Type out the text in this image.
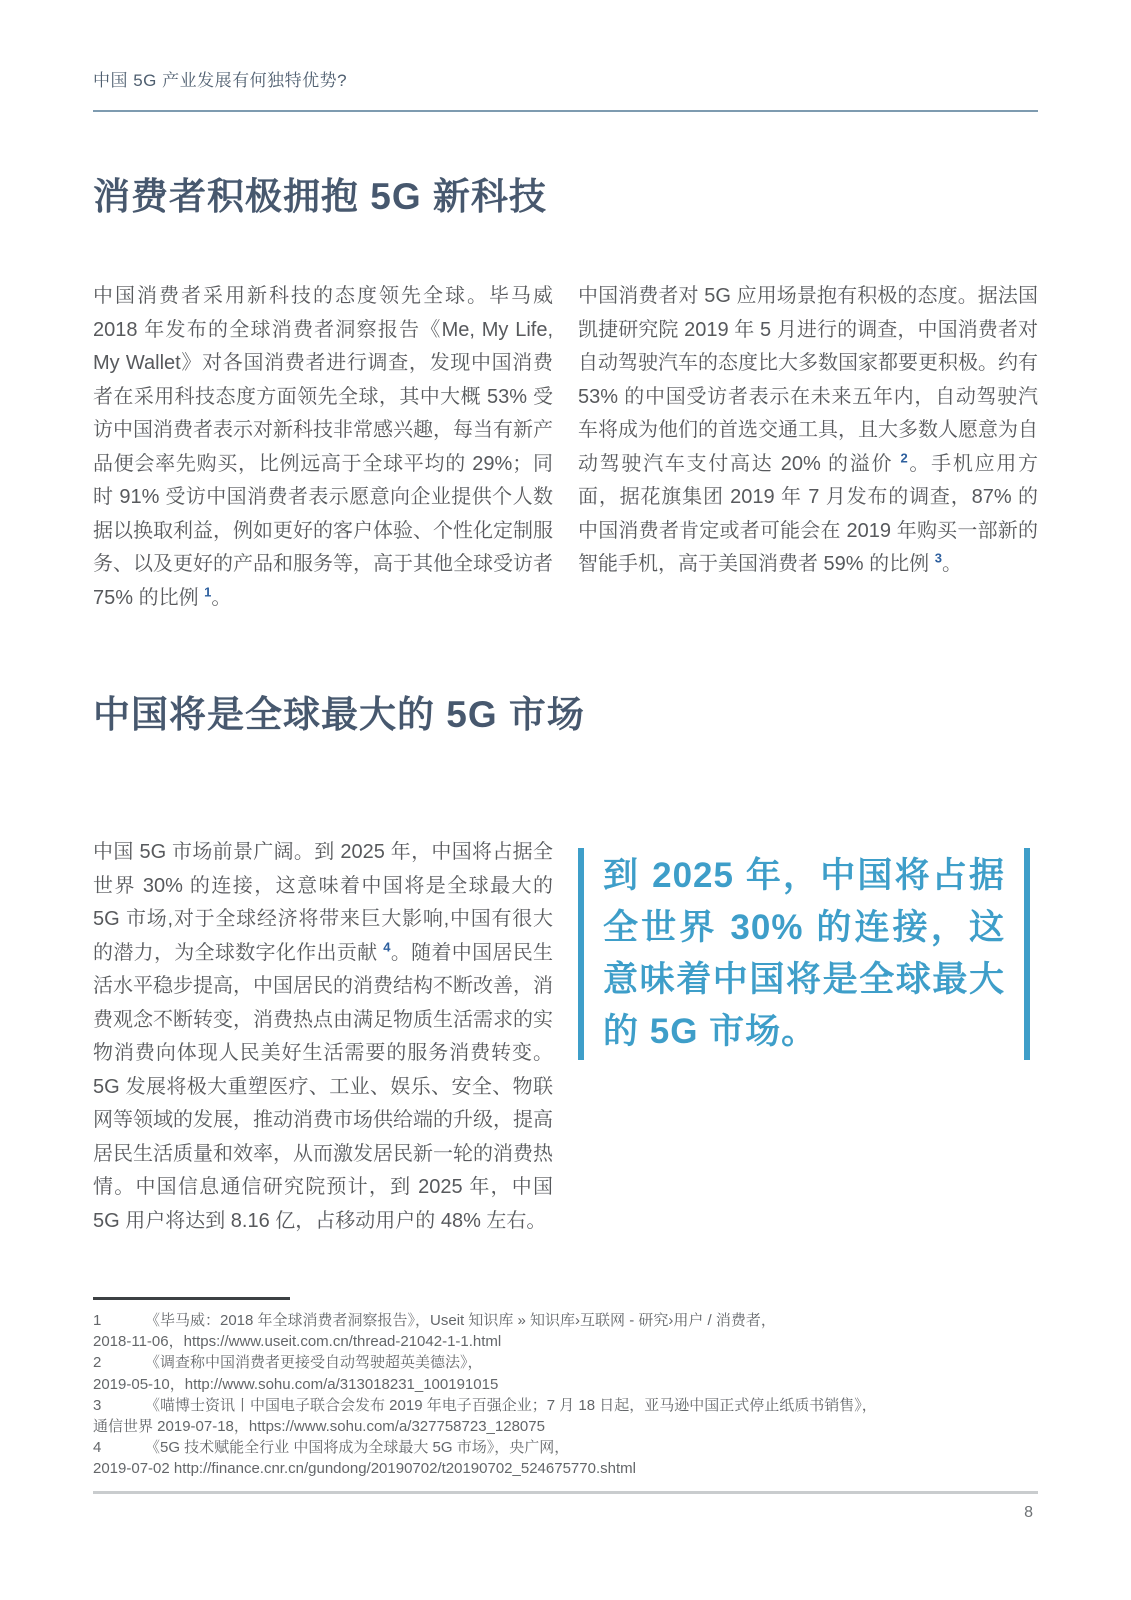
中国 5G 产业发展有何独特优势?
消费者积极拥抱 5G 新科技

中国消费者采用新科技的态度领先全球。毕马威 2018 年发布的全球消费者洞察报告《Me, My Life, My Wallet》对各国消费者进行调查，发现中国消费者在采用科技态度方面领先全球，其中大概 53% 受访中国消费者表示对新科技非常感兴趣，每当有新产品便会率先购买，比例远高于全球平均的 29%；同时 91% 受访中国消费者表示愿意向企业提供个人数据以换取利益，例如更好的客户体验、个性化定制服务、以及更好的产品和服务等，高于其他全球受访者 75% 的比例 $^1$。

中国消费者对 5G 应用场景抱有积极的态度。据法国凯捷研究院 2019 年 5 月进行的调查，中国消费者对自动驾驶汽车的态度比大多数国家都要更积极。约有 53% 的中国受访者表示在未来五年内，自动驾驶汽车将成为他们的首选交通工具，且大多数人愿意为自动驾驶汽车支付高达 20% 的溢价 $^2$。手机应用方面，据花旗集团 2019 年 7 月发布的调查，87% 的中国消费者肯定或者可能会在 2019 年购买一部新的智能手机，高于美国消费者 59% 的比例 $^3$。

中国将是全球最大的 5G 市场

中国 5G 市场前景广阔。到 2025 年，中国将占据全世界 30% 的连接，这意味着中国将是全球最大的 5G 市场,对于全球经济将带来巨大影响,中国有很大的潜力，为全球数字化作出贡献 $^4$。随着中国居民生活水平稳步提高，中国居民的消费结构不断改善，消费观念不断转变，消费热点由满足物质生活需求的实物消费向体现人民美好生活需要的服务消费转变。5G 发展将极大重塑医疗、工业、娱乐、安全、物联网等领域的发展，推动消费市场供给端的升级，提高居民生活质量和效率，从而激发居民新一轮的消费热情。中国信息通信研究院预计，到 2025 年，中国 5G 用户将达到 8.16 亿，占移动用户的 48% 左右。

到 2025 年，中国将占据全世界 30% 的连接，这意味着中国将是全球最大的 5G 市场。
1	《毕马威：2018 年全球消费者洞察报告》，Useit 知识库 » 知识库›互联网 - 研究›用户 / 消费者，
2018-11-06，https://www.useit.com.cn/thread-21042-1-1.html
2	《调查称中国消费者更接受自动驾驶超英美德法》，
2019-05-10，http://www.sohu.com/a/313018231_100191015
3	《喵博士资讯丨中国电子联合会发布 2019 年电子百强企业；7 月 18 日起，亚马逊中国正式停止纸质书销售》，
通信世界 2019-07-18，https://www.sohu.com/a/327758723_128075
4	《5G 技术赋能全行业 中国将成为全球最大 5G 市场》，央广网，
2019-07-02 http://finance.cnr.cn/gundong/20190702/t20190702_524675770.shtml
8
